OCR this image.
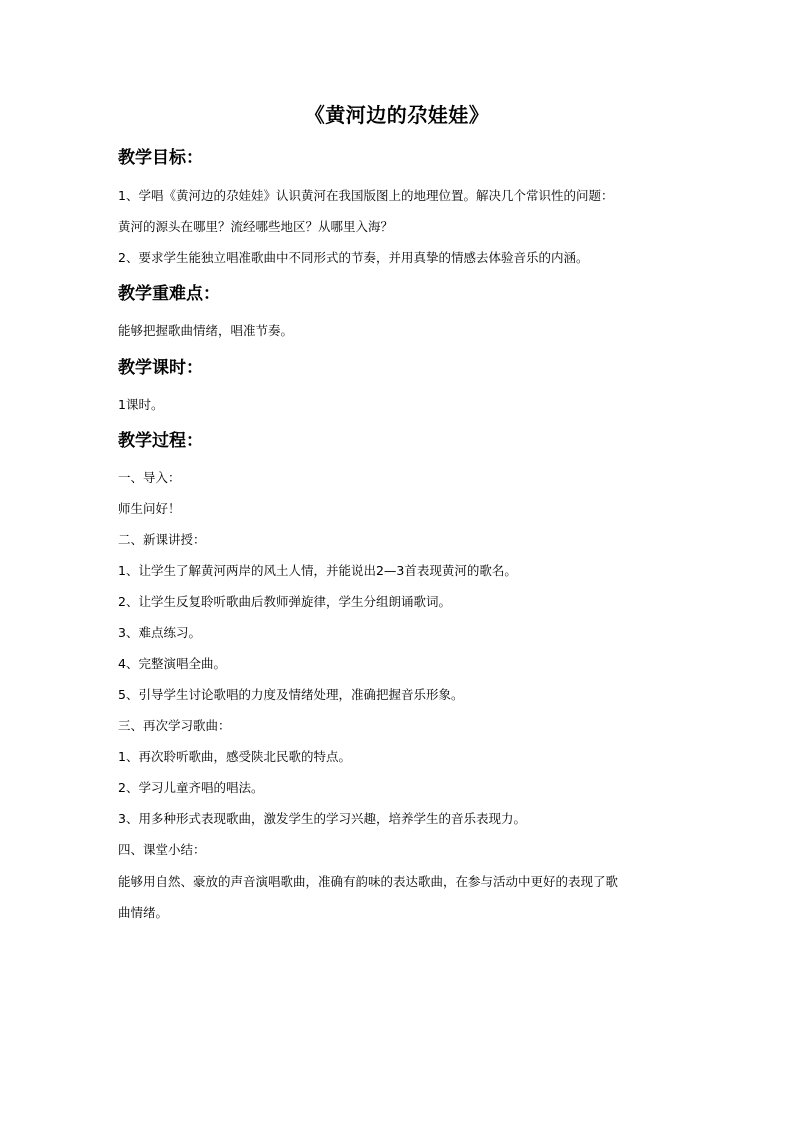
《黄河边的尕娃娃》
教学目标：
1、学唱《黄河边的尕娃娃》认识黄河在我国版图上的地理位置。解决几个常识性的问题：
黄河的源头在哪里？流经哪些地区？从哪里入海？
2、要求学生能独立唱准歌曲中不同形式的节奏，并用真挚的情感去体验音乐的内涵。
教学重难点：
能够把握歌曲情绪，唱准节奏。
教学课时：
1课时。
教学过程：
一、导入：
师生问好！
二、新课讲授：
1、让学生了解黄河两岸的风土人情，并能说出2—3首表现黄河的歌名。
2、让学生反复聆听歌曲后教师弹旋律，学生分组朗诵歌词。
3、难点练习。
4、完整演唱全曲。
5、引导学生讨论歌唱的力度及情绪处理，准确把握音乐形象。
三、再次学习歌曲：
1、再次聆听歌曲，感受陕北民歌的特点。
2、学习儿童齐唱的唱法。
3、用多种形式表现歌曲，激发学生的学习兴趣，培养学生的音乐表现力。
四、课堂小结：
能够用自然、豪放的声音演唱歌曲，准确有韵味的表达歌曲，在参与活动中更好的表现了歌
曲情绪。
